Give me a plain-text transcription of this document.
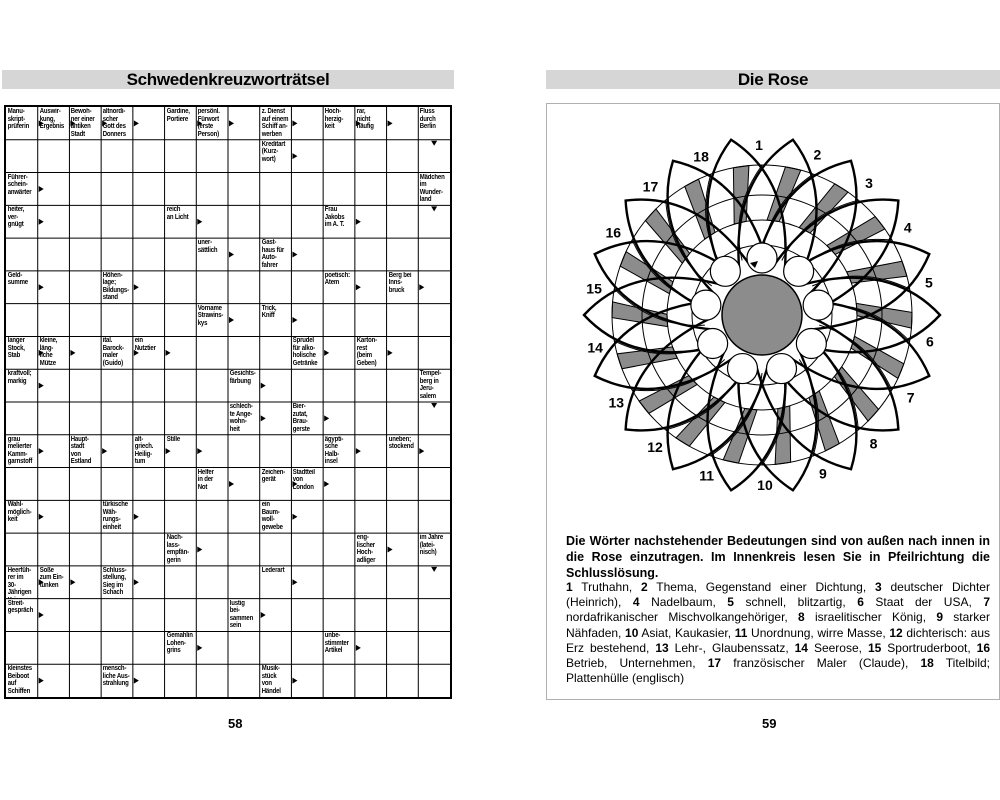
Schwedenkreuzworträtsel
Manu-
skript-
prüferin
Auswir-
kung,
Ergebnis
Bewoh-
ner einer
antiken
Stadt
altnordi-
scher
Gott des
Donners
Gardine,
Portiere
persönl.
Fürwort
(erste
Person)
z. Dienst
auf einem
Schiff an-
werben
Hoch-
herzig-
keit
rar,
nicht
häufig
Fluss
durch
Berlin
Kreditart
(Kurz-
wort)
Führer-
schein-
anwärter
Mädchen
im
Wunder-
land
heiter,
ver-
gnügt
reich
an Licht
Frau
Jakobs
im A. T.
uner-
sättlich
Gast-
haus für
Auto-
fahrer
Geld-
summe
Höhen-
lage;
Bildungs-
stand
poetisch:
Atem
Berg bei
Inns-
bruck
Vorname
Strawins-
kys
Trick,
Kniff
langer
Stock,
Stab
kleine,
läng-
liche
Mütze
ital.
Barock-
maler
(Guido)
ein
Nutztier
Sprudel
für alko-
holische
Getränke
Karton-
rest
(beim
Geben)
kraftvoll;
markig
Gesichts-
färbung
Tempel-
berg in
Jeru-
salem
schlech-
te Ange-
wohn-
heit
Bier-
zutat,
Brau-
gerste
grau
melierter
Kamm-
garnstoff
Haupt-
stadt
von
Estland
alt-
griech.
Heilig-
tum
Stille	ägypti-
sche
Halb-
insel
uneben;
stockend
Helfer
in der
Not
Zeichen-
gerät
Stadtteil
von
London
Wahl-
möglich-
keit
türkische
Wäh-
rungs-
einheit
ein
Baum-
woll-
gewebe
Nach-
lass-
empfän-
gerin
eng-
lischer
Hoch-
adliger
im Jahre
(latei-
nisch)
Heerfüh-
rer im
30-Jährigen

Soße
zum Ein-
tunken
Schluss-
stellung,
Sieg im
Schach
Lederart
Streit-
gespräch
lustig
bei-
sammen
sein
Gemahlin
Lohen-
grins
unbe-
stimmter
Artikel
kleinstes
Beiboot
auf
Schiffen
mensch-
liche Aus-
strahlung
Musik-
stück
von
Händel
58
Die Rose
1
2
3
4
5
6
7
8
9
10
11
12
13
14
15
16
17
18
Die Wörter nachstehender Bedeutungen sind von außen nach innen in die Rose einzutragen. Im Innenkreis lesen Sie in Pfeilrichtung die Schlusslösung.
1 Truthahn, 2 Thema, Gegenstand einer Dichtung, 3 deutscher Dichter (Heinrich), 4 Nadelbaum, 5 schnell, blitzartig, 6 Staat der USA, 7 nordafrikanischer Mischvolkangehöriger, 8 israelitischer König, 9 starker Nähfaden, 10 Asiat, Kaukasier, 11 Unordnung, wirre Masse, 12 dichterisch: aus Erz bestehend, 13 Lehr-, Glaubenssatz, 14 Seerose, 15 Sportruderboot, 16 Betrieb, Unternehmen, 17 französischer Maler (Claude), 18 Titelbild; Plattenhülle (englisch)
59
